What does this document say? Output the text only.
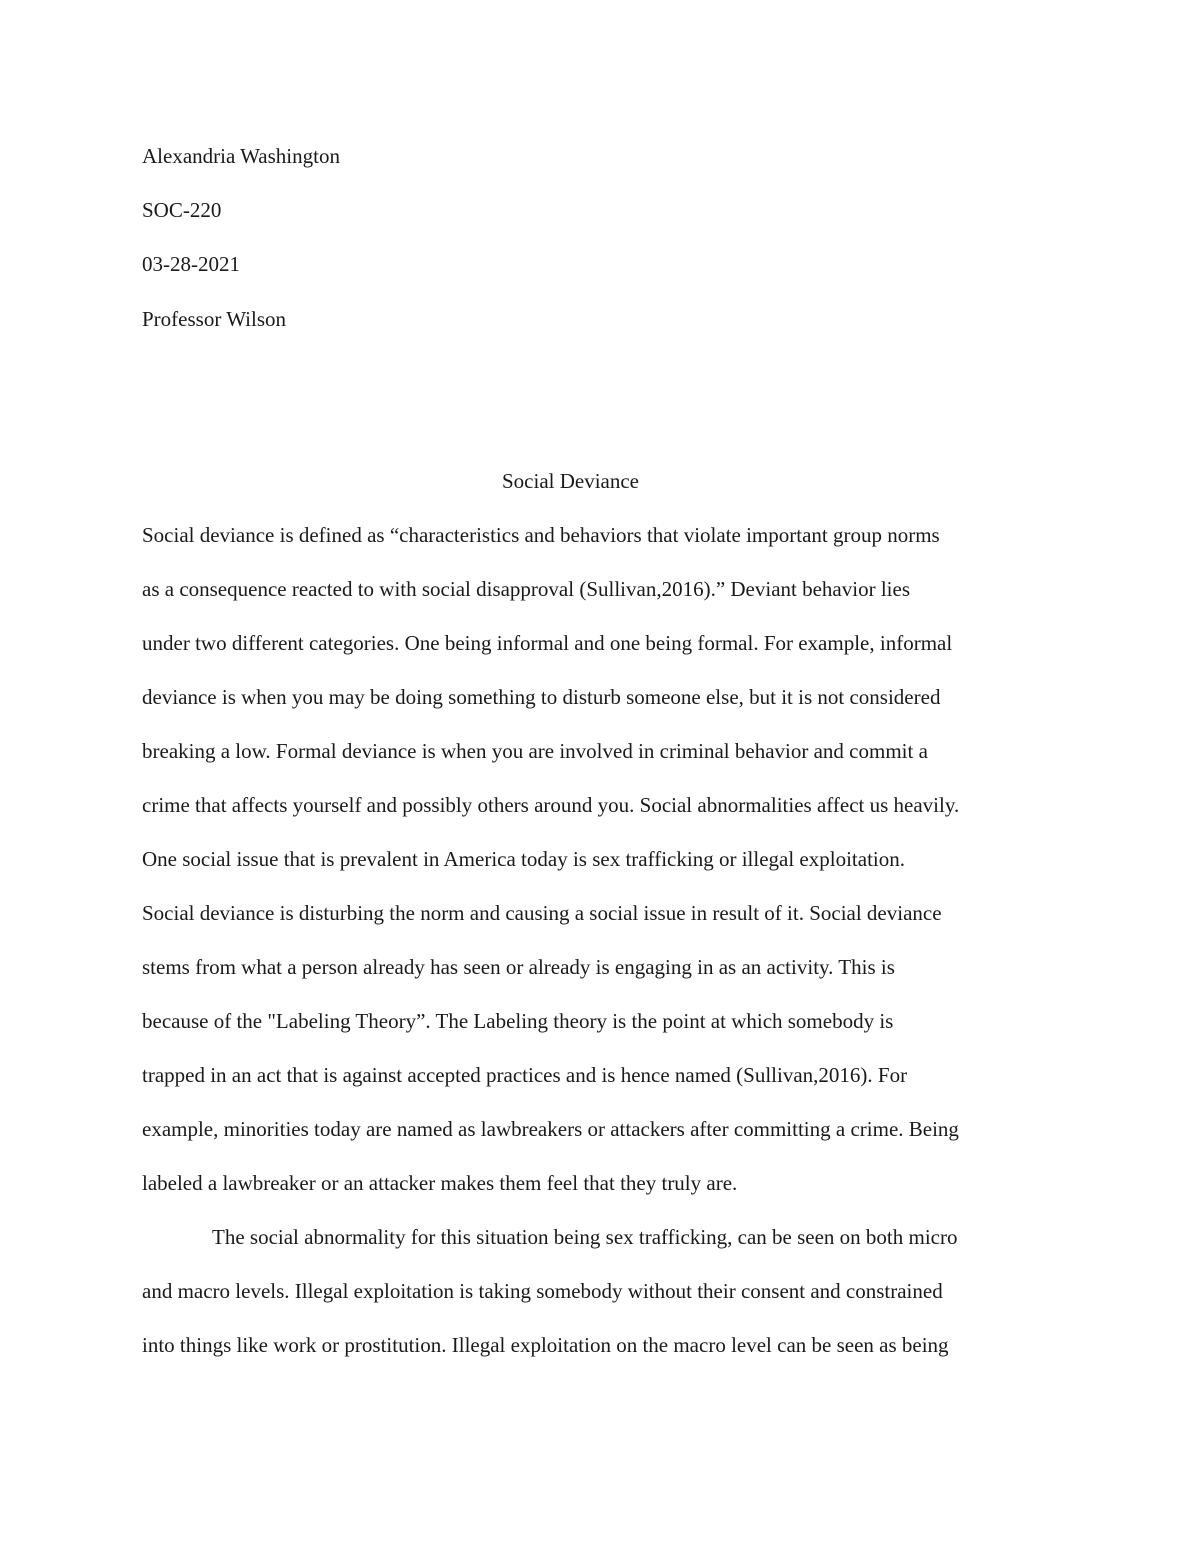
Alexandria Washington
SOC-220
03-28-2021
Professor Wilson
Social Deviance
Social deviance is defined as “characteristics and behaviors that violate important group norms
as a consequence reacted to with social disapproval (Sullivan,2016).” Deviant behavior lies
under two different categories. One being informal and one being formal. For example, informal
deviance is when you may be doing something to disturb someone else, but it is not considered
breaking a low. Formal deviance is when you are involved in criminal behavior and commit a
crime that affects yourself and possibly others around you. Social abnormalities affect us heavily.
One social issue that is prevalent in America today is sex trafficking or illegal exploitation.
Social deviance is disturbing the norm and causing a social issue in result of it. Social deviance
stems from what a person already has seen or already is engaging in as an activity. This is
because of the "Labeling Theory”. The Labeling theory is the point at which somebody is
trapped in an act that is against accepted practices and is hence named (Sullivan,2016). For
example, minorities today are named as lawbreakers or attackers after committing a crime. Being
labeled a lawbreaker or an attacker makes them feel that they truly are.
The social abnormality for this situation being sex trafficking, can be seen on both micro
and macro levels. Illegal exploitation is taking somebody without their consent and constrained
into things like work or prostitution. Illegal exploitation on the macro level can be seen as being
